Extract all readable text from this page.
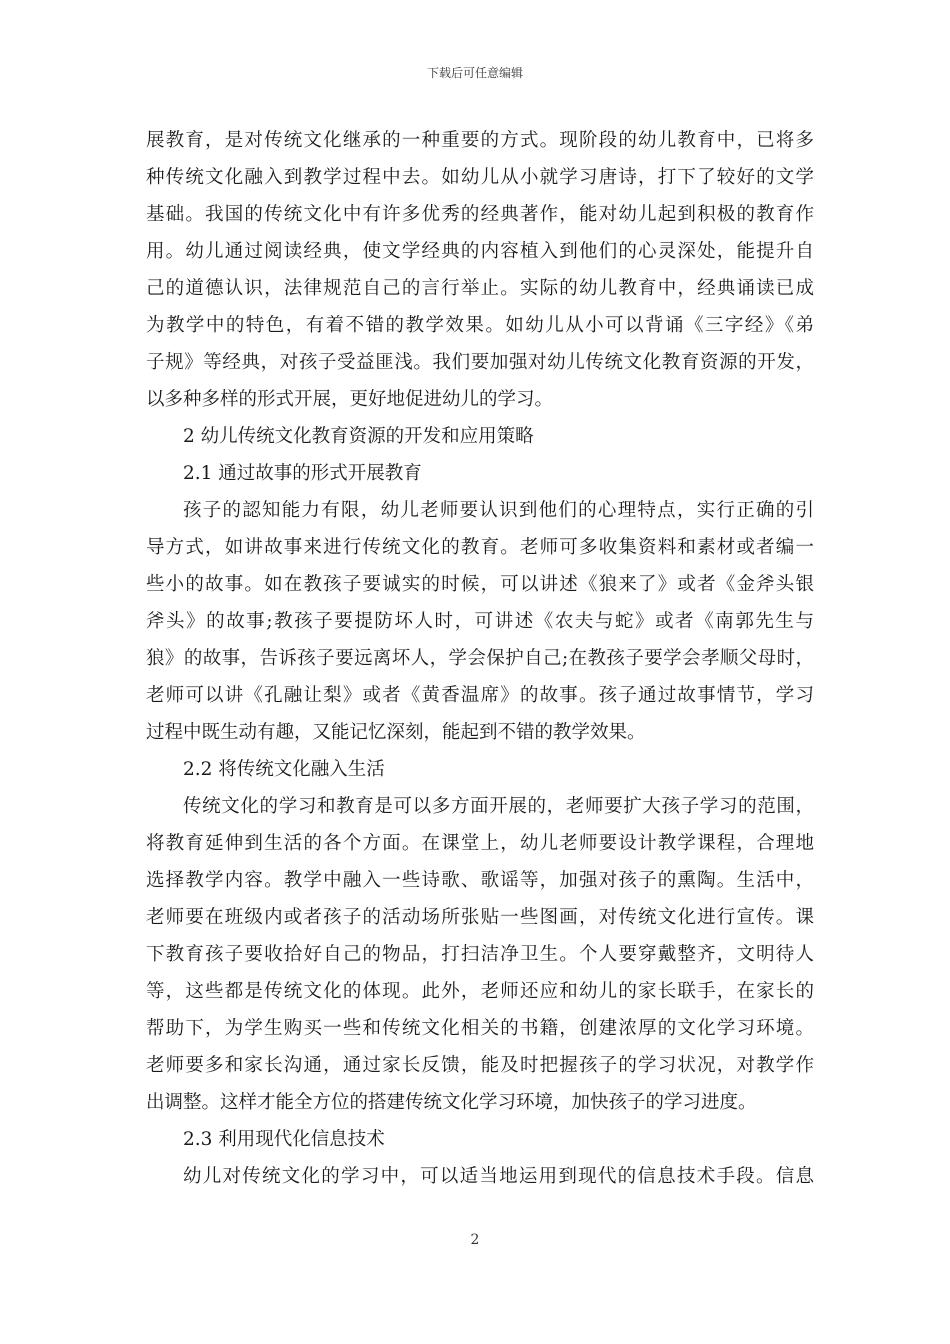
下载后可任意编辑
展教育，是对传统文化继承的一种重要的方式。现阶段的幼儿教育中，已将多
种传统文化融入到教学过程中去。如幼儿从小就学习唐诗，打下了较好的文学
基础。我国的传统文化中有许多优秀的经典著作，能对幼儿起到积极的教育作
用。幼儿通过阅读经典，使文学经典的内容植入到他们的心灵深处，能提升自
己的道德认识，法律规范自己的言行举止。实际的幼儿教育中，经典诵读已成
为教学中的特色，有着不错的教学效果。如幼儿从小可以背诵《三字经》《弟
子规》等经典，对孩子受益匪浅。我们要加强对幼儿传统文化教育资源的开发，
以多种多样的形式开展，更好地促进幼儿的学习。
2 幼儿传统文化教育资源的开发和应用策略
2.1 通过故事的形式开展教育
孩子的認知能力有限，幼儿老师要认识到他们的心理特点，实行正确的引
导方式，如讲故事来进行传统文化的教育。老师可多收集资料和素材或者编一
些小的故事。如在教孩子要诚实的时候，可以讲述《狼来了》或者《金斧头银
斧头》的故事;教孩子要提防坏人时，可讲述《农夫与蛇》或者《南郭先生与
狼》的故事，告诉孩子要远离坏人，学会保护自己;在教孩子要学会孝顺父母时，
老师可以讲《孔融让梨》或者《黄香温席》的故事。孩子通过故事情节，学习
过程中既生动有趣，又能记忆深刻，能起到不错的教学效果。
2.2 将传统文化融入生活
传统文化的学习和教育是可以多方面开展的，老师要扩大孩子学习的范围，
将教育延伸到生活的各个方面。在课堂上，幼儿老师要设计教学课程，合理地
选择教学内容。教学中融入一些诗歌、歌谣等，加强对孩子的熏陶。生活中，
老师要在班级内或者孩子的活动场所张贴一些图画，对传统文化进行宣传。课
下教育孩子要收拾好自己的物品，打扫洁净卫生。个人要穿戴整齐，文明待人
等，这些都是传统文化的体现。此外，老师还应和幼儿的家长联手，在家长的
帮助下，为学生购买一些和传统文化相关的书籍，创建浓厚的文化学习环境。
老师要多和家长沟通，通过家长反馈，能及时把握孩子的学习状况，对教学作
出调整。这样才能全方位的搭建传统文化学习环境，加快孩子的学习进度。
2.3 利用现代化信息技术
幼儿对传统文化的学习中，可以适当地运用到现代的信息技术手段。信息
2
